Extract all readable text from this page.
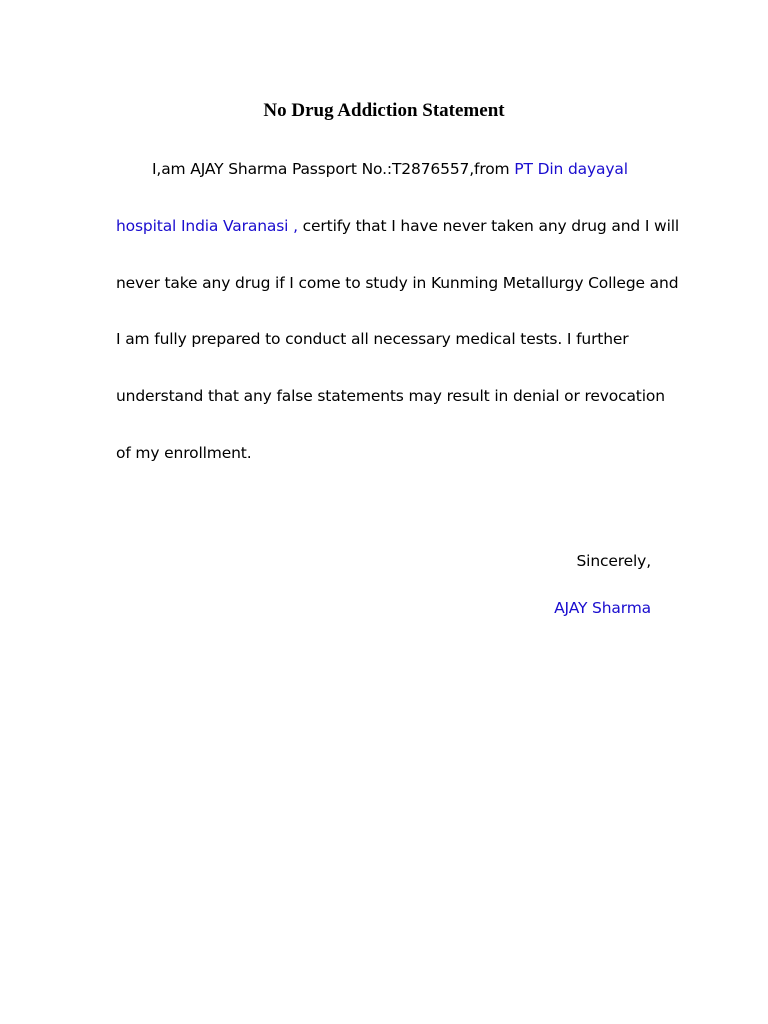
No Drug Addiction Statement
I,am AJAY Sharma Passport No.:T2876557,from PT Din dayayal
hospital India Varanasi , certify that I have never taken any drug and I will
never take any drug if I come to study in Kunming Metallurgy College and
I am fully prepared to conduct all necessary medical tests. I further
understand that any false statements may result in denial or revocation
of my enrollment.
Sincerely,
AJAY Sharma
